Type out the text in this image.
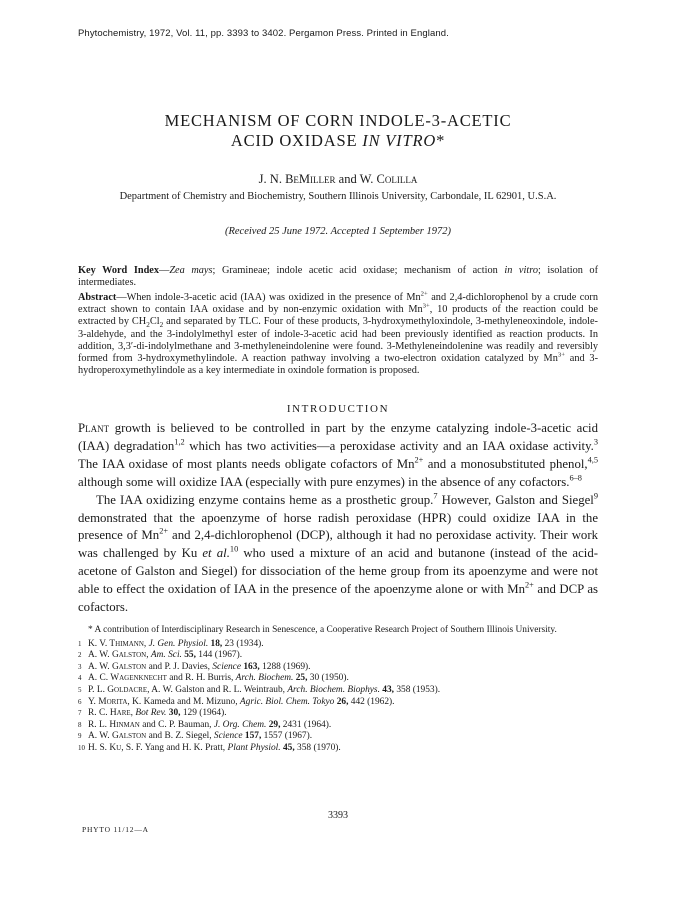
Phytochemistry, 1972, Vol. 11, pp. 3393 to 3402. Pergamon Press. Printed in England.
MECHANISM OF CORN INDOLE-3-ACETIC
ACID OXIDASE IN VITRO*
J. N. BeMiller and W. Colilla
Department of Chemistry and Biochemistry, Southern Illinois University, Carbondale, IL 62901, U.S.A.
(Received 25 June 1972. Accepted 1 September 1972)
Key Word Index—Zea mays; Gramineae; indole acetic acid oxidase; mechanism of action in vitro; isolation of intermediates.
Abstract—When indole-3-acetic acid (IAA) was oxidized in the presence of $Mn^{2+}$ and 2,4-dichlorophenol by a crude corn extract shown to contain IAA oxidase and by non-enzymic oxidation with $Mn^{3+}$, 10 products of the reaction could be extracted by $CH_2Cl_2$ and separated by TLC. Four of these products, 3-hydroxymethyloxindole, 3-methyleneoxindole, indole-3-aldehyde, and the 3-indolylmethyl ester of indole-3-acetic acid had been previously identified as reaction products. In addition, 3,3′-di-indolylmethane and 3-methyleneindolenine were found. 3-Methyleneindolenine was readily and reversibly formed from 3-hydroxymethylindole. A reaction pathway involving a two-electron oxidation catalyzed by $Mn^{3+}$ and 3-hydroperoxymethylindole as a key intermediate in oxindole formation is proposed.
INTRODUCTION

Plant growth is believed to be controlled in part by the enzyme catalyzing indole-3-acetic acid (IAA) degradation$^{1,2}$ which has two activities—a peroxidase activity and an IAA oxidase activity.$^3$ The IAA oxidase of most plants needs obligate cofactors of $Mn^{2+}$ and a monosubstituted phenol,$^{4,5}$ although some will oxidize IAA (especially with pure enzymes) in the absence of any cofactors.$^{6-8}$

The IAA oxidizing enzyme contains heme as a prosthetic group.$^7$ However, Galston and Siegel$^9$ demonstrated that the apoenzyme of horse radish peroxidase (HPR) could oxidize IAA in the presence of $Mn^{2+}$ and 2,4-dichlorophenol (DCP), although it had no peroxidase activity. Their work was challenged by Ku et al.$^{10}$ who used a mixture of an acid and butanone (instead of the acid-acetone of Galston and Siegel) for dissociation of the heme group from its apoenzyme and were not able to effect the oxidation of IAA in the presence of the apoenzyme alone or with $Mn^{2+}$ and DCP as cofactors.

* A contribution of Interdisciplinary Research in Senescence, a Cooperative Research Project of Southern Illinois University.
1 K. V. Thimann, J. Gen. Physiol. 18, 23 (1934).
2 A. W. Galston, Am. Sci. 55, 144 (1967).
3 A. W. Galston and P. J. Davies, Science 163, 1288 (1969).
4 A. C. Wagenknecht and R. H. Burris, Arch. Biochem. 25, 30 (1950).
5 P. L. Goldacre, A. W. Galston and R. L. Weintraub, Arch. Biochem. Biophys. 43, 358 (1953).
6 Y. Morita, K. Kameda and M. Mizuno, Agric. Biol. Chem. Tokyo 26, 442 (1962).
7 R. C. Hare, Bot Rev. 30, 129 (1964).
8 R. L. Hinman and C. P. Bauman, J. Org. Chem. 29, 2431 (1964).
9 A. W. Galston and B. Z. Siegel, Science 157, 1557 (1967).
10 H. S. Ku, S. F. Yang and H. K. Pratt, Plant Physiol. 45, 358 (1970).
3393
PHYTO 11/12—A
